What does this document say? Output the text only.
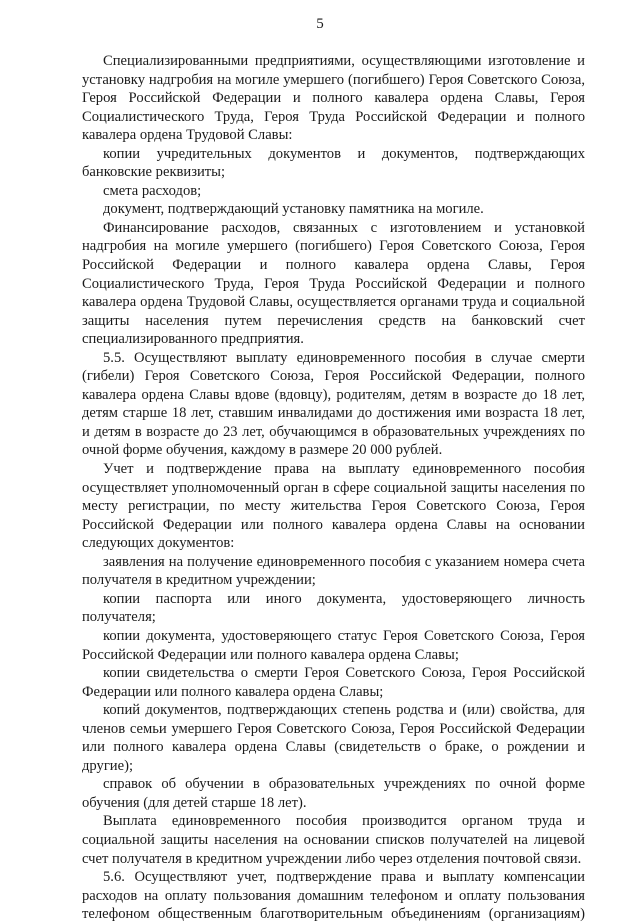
5

Специализированными предприятиями, осуществляющими изготовление и установку надгробия на могиле умершего (погибшего) Героя Советского Союза, Героя Российской Федерации и полного кавалера ордена Славы, Героя Социалистического Труда, Героя Труда Российской Федерации и полного кавалера ордена Трудовой Славы:

копии учредительных документов и документов, подтверждающих банковские реквизиты;

смета расходов;

документ, подтверждающий установку памятника на могиле.

Финансирование расходов, связанных с изготовлением и установкой надгробия на могиле умершего (погибшего) Героя Советского Союза, Героя Российской Федерации и полного кавалера ордена Славы, Героя Социалистического Труда, Героя Труда Российской Федерации и полного кавалера ордена Трудовой Славы, осуществляется органами труда и социальной защиты населения путем перечисления средств на банковский счет специализированного предприятия.

5.5. Осуществляют выплату единовременного пособия в случае смерти (гибели) Героя Советского Союза, Героя Российской Федерации, полного кавалера ордена Славы вдове (вдовцу), родителям, детям в возрасте до 18 лет, детям старше 18 лет, ставшим инвалидами до достижения ими возраста 18 лет, и детям в возрасте до 23 лет, обучающимся в образовательных учреждениях по очной форме обучения, каждому в размере 20 000 рублей.

Учет и подтверждение права на выплату единовременного пособия осуществляет уполномоченный орган в сфере социальной защиты населения по месту регистрации, по месту жительства Героя Советского Союза, Героя Российской Федерации или полного кавалера ордена Славы на основании следующих документов:

заявления на получение единовременного пособия с указанием номера счета получателя в кредитном учреждении;

копии паспорта или иного документа, удостоверяющего личность получателя;

копии документа, удостоверяющего статус Героя Советского Союза, Героя Российской Федерации или полного кавалера ордена Славы;

копии свидетельства о смерти Героя Советского Союза, Героя Российской Федерации или полного кавалера ордена Славы;

копий документов, подтверждающих степень родства и (или) свойства, для членов семьи умершего Героя Советского Союза, Героя Российской Федерации или полного кавалера ордена Славы (свидетельств о браке, о рождении и другие);

справок об обучении в образовательных учреждениях по очной форме обучения (для детей старше 18 лет).

Выплата единовременного пособия производится органом труда и социальной защиты населения на основании списков получателей на лицевой счет получателя в кредитном учреждении либо через отделения почтовой связи.

5.6. Осуществляют учет, подтверждение права и выплату компенсации расходов на оплату пользования домашним телефоном и оплату пользования телефоном общественным благотворительным объединениям (организациям)
